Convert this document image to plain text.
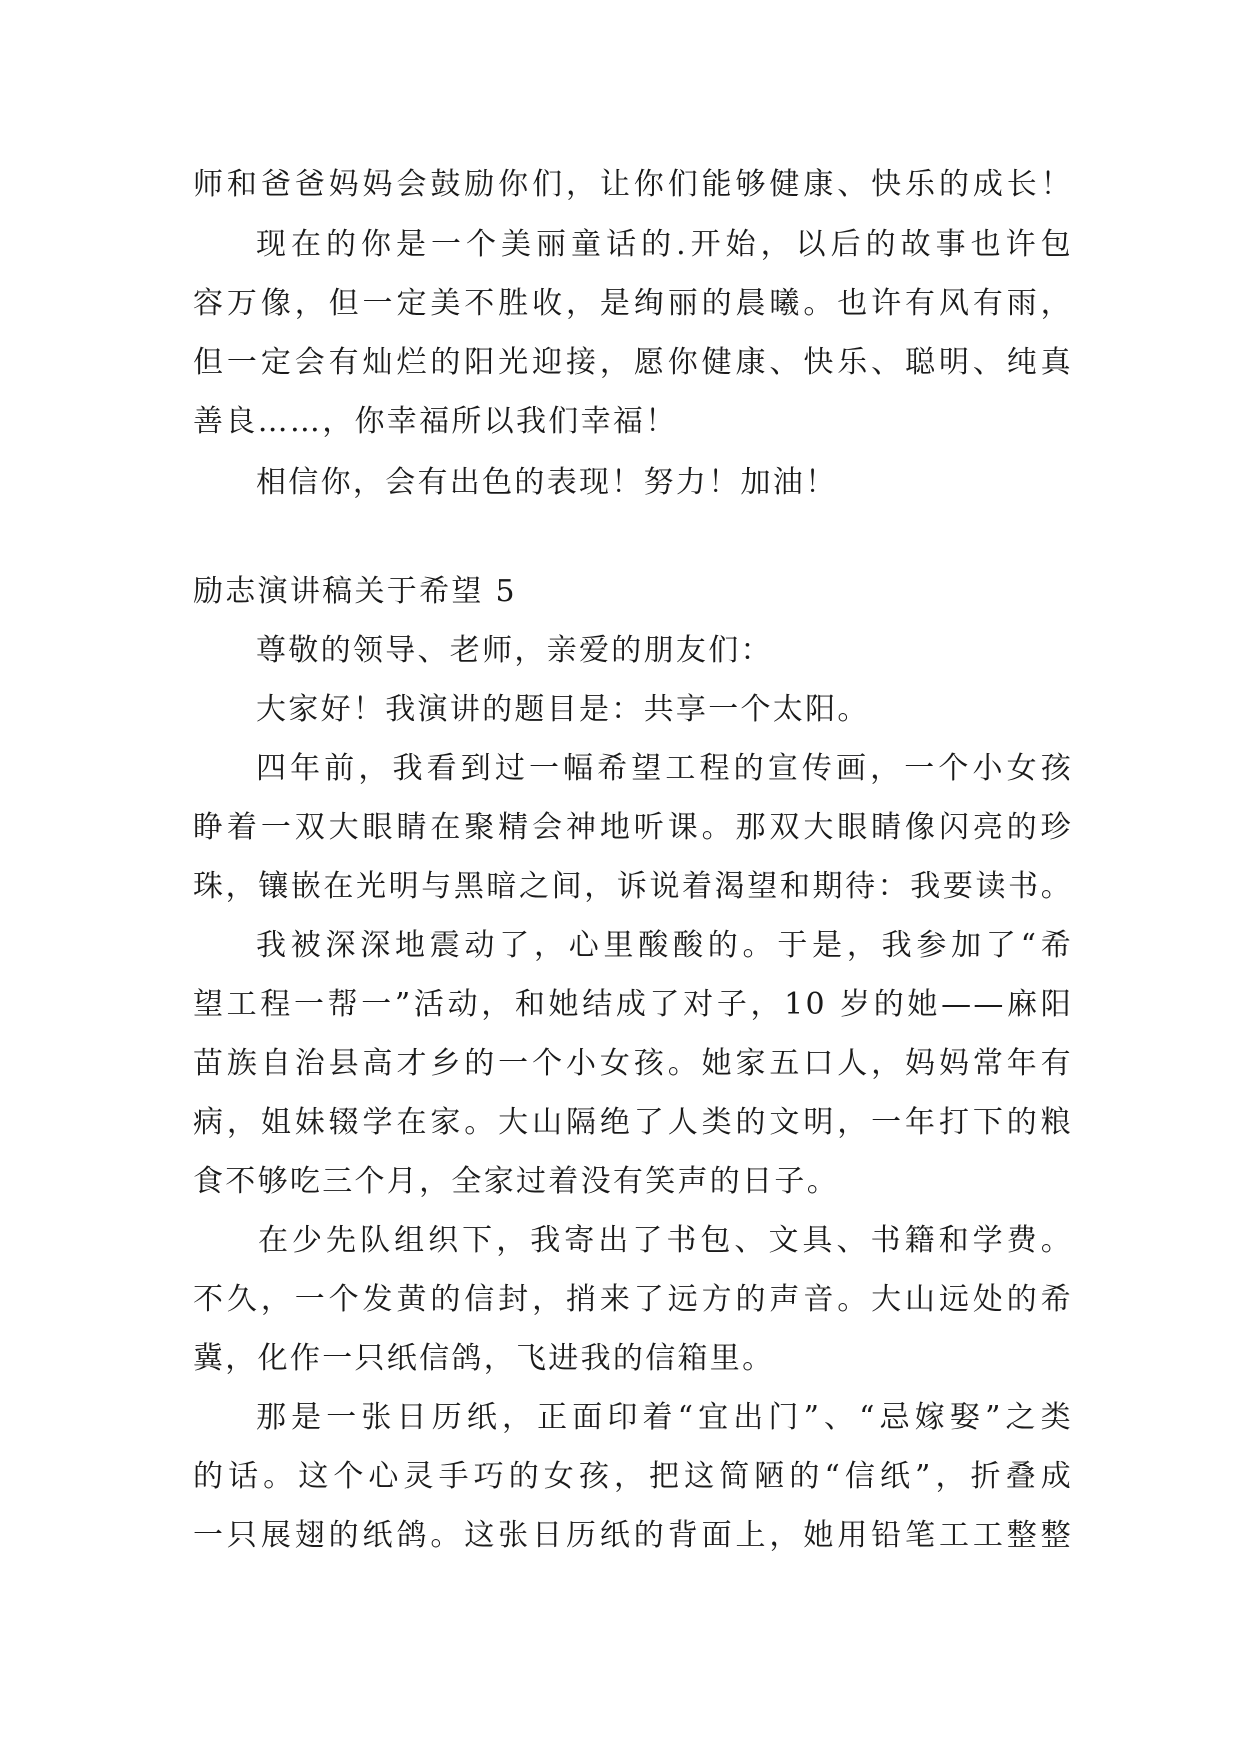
师和爸爸妈妈会鼓励你们，让你们能够健康、快乐的成长！

现在的你是一个美丽童话的.开始，以后的故事也许包

容万像，但一定美不胜收，是绚丽的晨曦。也许有风有雨，

但一定会有灿烂的阳光迎接，愿你健康、快乐、聪明、纯真

善良……，你幸福所以我们幸福！

相信你，会有出色的表现！努力！加油！

励志演讲稿关于希望 5

尊敬的领导、老师，亲爱的朋友们：

大家好！我演讲的题目是：共享一个太阳。

四年前，我看到过一幅希望工程的宣传画，一个小女孩

睁着一双大眼睛在聚精会神地听课。那双大眼睛像闪亮的珍

珠，镶嵌在光明与黑暗之间，诉说着渴望和期待：我要读书。

我被深深地震动了，心里酸酸的。于是，我参加了“希

望工程一帮一”活动，和她结成了对子，10 岁的她——麻阳

苗族自治县高才乡的一个小女孩。她家五口人，妈妈常年有

病，姐妹辍学在家。大山隔绝了人类的文明，一年打下的粮

食不够吃三个月，全家过着没有笑声的日子。

在少先队组织下，我寄出了书包、文具、书籍和学费。

不久，一个发黄的信封，捎来了远方的声音。大山远处的希

冀，化作一只纸信鸽，飞进我的信箱里。

那是一张日历纸，正面印着“宜出门”、“忌嫁娶”之类

的话。这个心灵手巧的女孩，把这简陋的“信纸”，折叠成

一只展翅的纸鸽。这张日历纸的背面上，她用铅笔工工整整
